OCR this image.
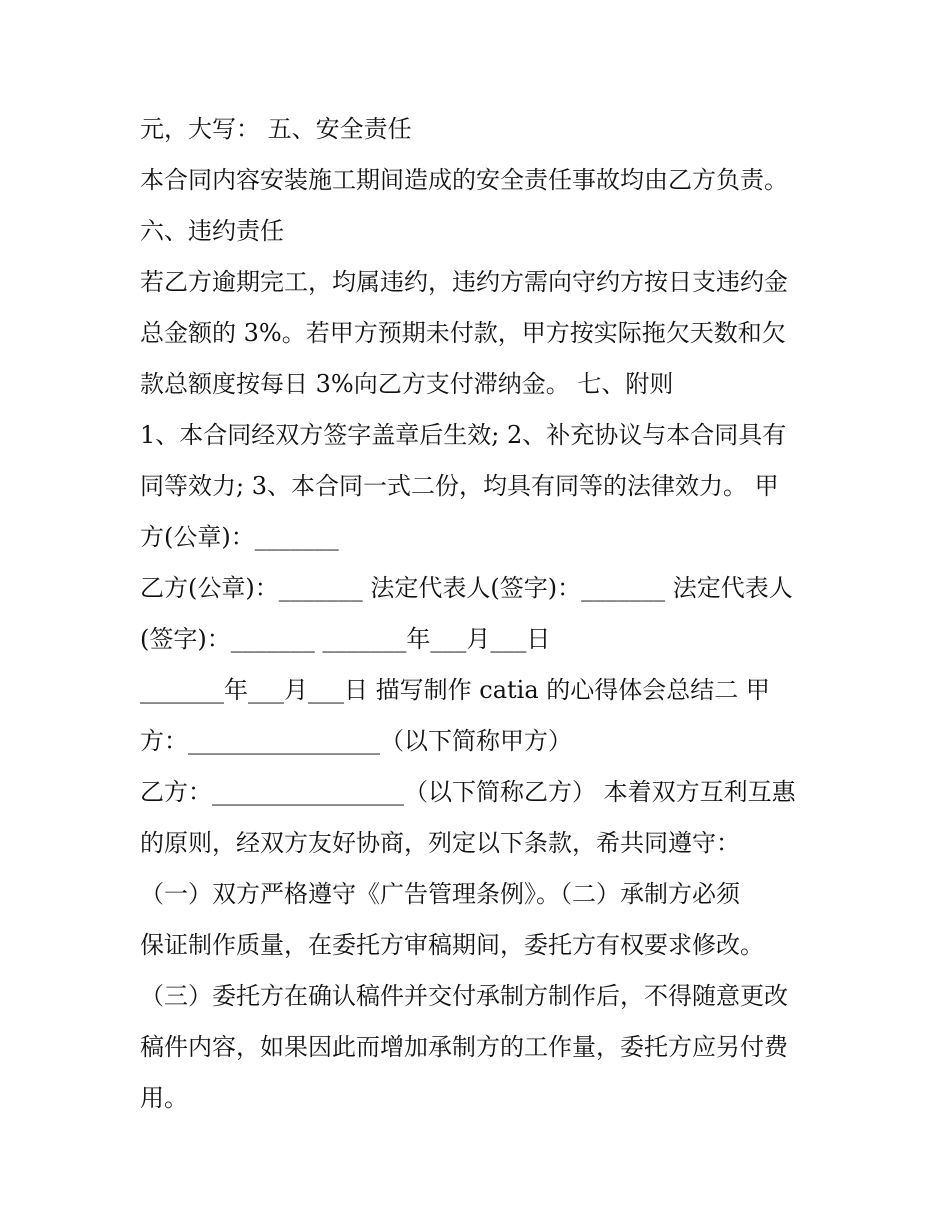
元，大写： 五、安全责任
本合同内容安装施工期间造成的安全责任事故均由乙方负责。
六、违约责任
若乙方逾期完工，均属违约，违约方需向守约方按日支违约金
总金额的 3%。若甲方预期未付款，甲方按实际拖欠天数和欠
款总额度按每日 3%向乙方支付滞纳金。 七、附则
1、本合同经双方签字盖章后生效; 2、补充协议与本合同具有
同等效力; 3、本合同一式二份，均具有同等的法律效力。 甲
方(公章)：_______
乙方(公章)：_______ 法定代表人(签字)：_______ 法定代表人
(签字)：_______ _______年___月___日
_______年___月___日 描写制作 catia 的心得体会总结二 甲
方：________________（以下简称甲方）
乙方：________________（以下简称乙方） 本着双方互利互惠
的原则，经双方友好协商，列定以下条款，希共同遵守：
（一）双方严格遵守《广告管理条例》。（二）承制方必须
保证制作质量，在委托方审稿期间，委托方有权要求修改。
（三）委托方在确认稿件并交付承制方制作后，不得随意更改
稿件内容，如果因此而增加承制方的工作量，委托方应另付费
用。
